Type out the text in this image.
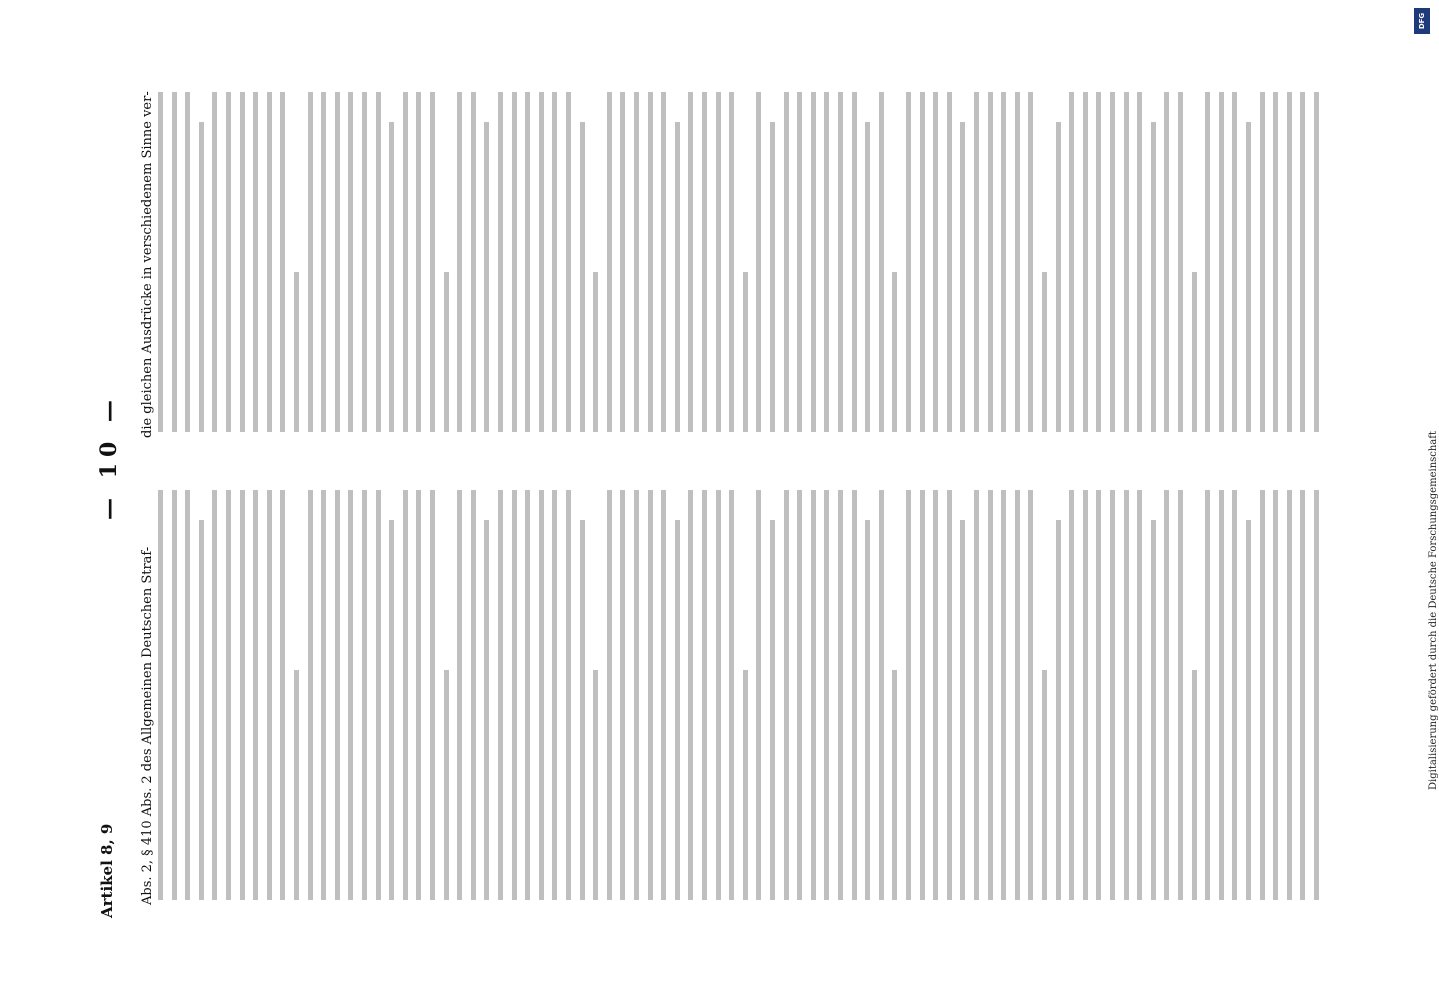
Artikel 8, 9
— 10 —
Abs. 2, § 410 Abs. 2 des Allgemeinen Deutschen Straf-
die gleichen Ausdrücke in verschiedenem Sinne ver-
Digitalisierung gefördert durch die Deutsche Forschungsgemeinschaft
DFG
